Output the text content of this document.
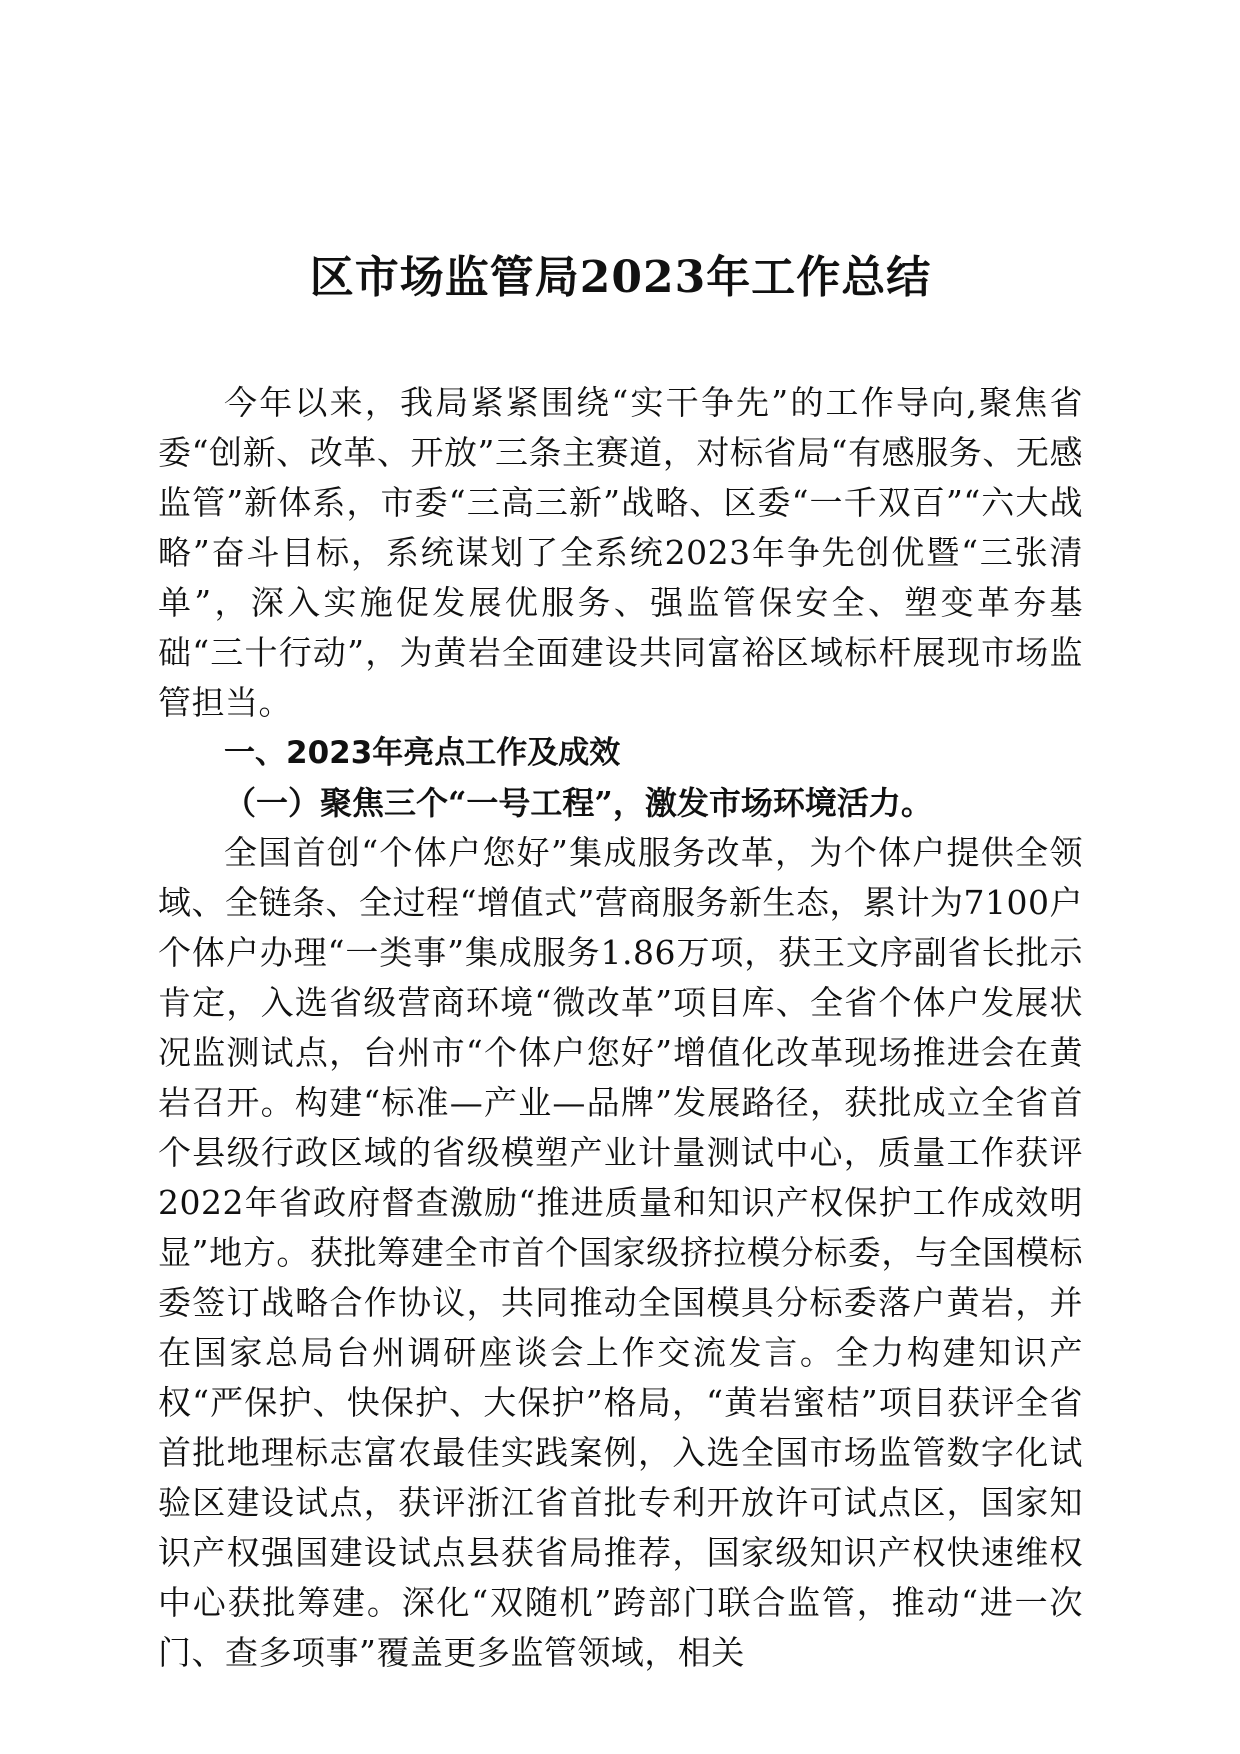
区市场监管局2023年工作总结

今年以来，我局紧紧围绕“实干争先”的工作导向,聚焦省委“创新、改革、开放”三条主赛道，对标省局“有感服务、无感监管”新体系，市委“三高三新”战略、区委“一千双百”“六大战略”奋斗目标，系统谋划了全系统2023年争先创优暨“三张清单”，深入实施促发展优服务、强监管保安全、塑变革夯基础“三十行动”，为黄岩全面建设共同富裕区域标杆展现市场监管担当。

一、2023年亮点工作及成效

（一）聚焦三个“一号工程”，激发市场环境活力。

全国首创“个体户您好”集成服务改革，为个体户提供全领域、全链条、全过程“增值式”营商服务新生态，累计为7100户个体户办理“一类事”集成服务1.86万项，获王文序副省长批示肯定，入选省级营商环境“微改革”项目库、全省个体户发展状况监测试点，台州市“个体户您好”增值化改革现场推进会在黄岩召开。构建“标准—产业—品牌”发展路径，获批成立全省首个县级行政区域的省级模塑产业计量测试中心，质量工作获评2022年省政府督查激励“推进质量和知识产权保护工作成效明显”地方。获批筹建全市首个国家级挤拉模分标委，与全国模标委签订战略合作协议，共同推动全国模具分标委落户黄岩，并在国家总局台州调研座谈会上作交流发言。全力构建知识产权“严保护、快保护、大保护”格局，“黄岩蜜桔”项目获评全省首批地理标志富农最佳实践案例，入选全国市场监管数字化试验区建设试点，获评浙江省首批专利开放许可试点区，国家知识产权强国建设试点县获省局推荐，国家级知识产权快速维权中心获批筹建。深化“双随机”跨部门联合监管，推动“进一次门、查多项事”覆盖更多监管领域，相关
